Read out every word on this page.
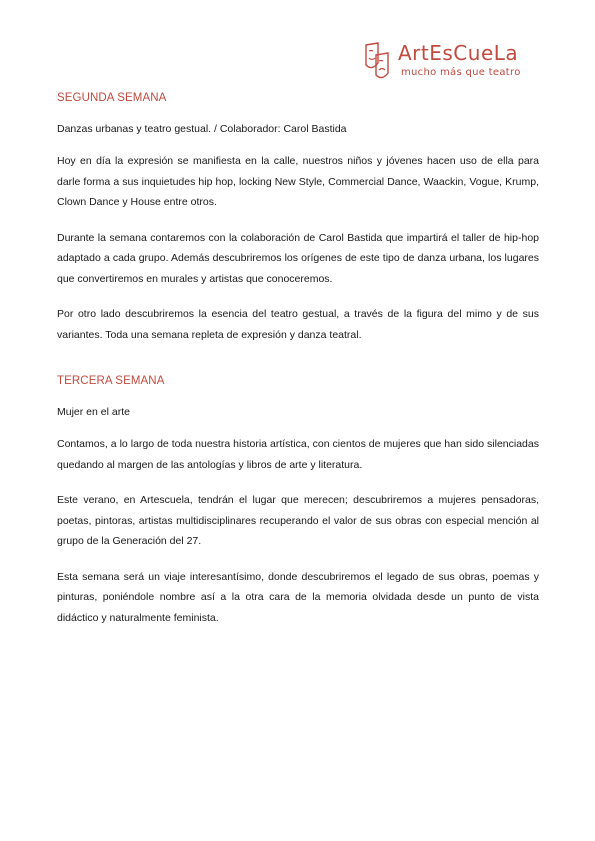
ArtEsCueLa
mucho más que teatro
SEGUNDA SEMANA

Danzas urbanas y teatro gestual. / Colaborador: Carol Bastida

Hoy en día la expresión se manifiesta en la calle, nuestros niños y jóvenes hacen uso de ella para darle forma a sus inquietudes hip hop, locking New Style, Commercial Dance, Waackin, Vogue, Krump, Clown Dance y House entre otros.

Durante la semana contaremos con la colaboración de Carol Bastida que impartirá el taller de hip-hop adaptado a cada grupo. Además descubriremos los orígenes de este tipo de danza urbana, los lugares que convertiremos en murales y artistas que conoceremos.

Por otro lado descubriremos la esencia del teatro gestual, a través de la figura del mimo y de sus variantes. Toda una semana repleta de expresión y danza teatral.

TERCERA SEMANA

Mujer en el arte

Contamos, a lo largo de toda nuestra historia artística, con cientos de mujeres que han sido silenciadas quedando al margen de las antologías y libros de arte y literatura.

Este verano, en Artescuela, tendrán el lugar que merecen; descubriremos a mujeres pensadoras, poetas, pintoras, artistas multidisciplinares recuperando el valor de sus obras con especial mención al grupo de la Generación del 27.

Esta semana será un viaje interesantísimo, donde descubriremos el legado de sus obras, poemas y pinturas, poniéndole nombre así a la otra cara de la memoria olvidada desde un punto de vista didáctico y naturalmente feminista.
